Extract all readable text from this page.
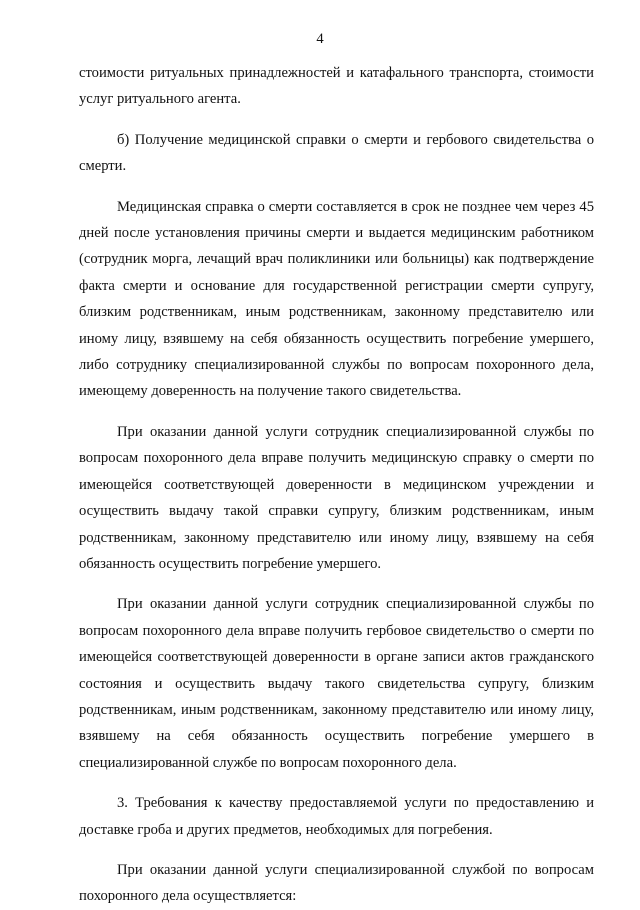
4

стоимости ритуальных принадлежностей и катафального транспорта, стоимости услуг ритуального агента.

б) Получение медицинской справки о смерти и гербового свидетельства о смерти.

Медицинская справка о смерти составляется в срок не позднее чем через 45 дней после установления причины смерти и выдается медицинским работником (сотрудник морга, лечащий врач поликлиники или больницы) как подтверждение факта смерти и основание для государственной регистрации смерти супругу, близким родственникам, иным родственникам, законному представителю или иному лицу, взявшему на себя обязанность осуществить погребение умершего, либо сотруднику специализированной службы по вопросам похоронного дела, имеющему доверенность на получение такого свидетельства.

При оказании данной услуги сотрудник специализированной службы по вопросам похоронного дела вправе получить медицинскую справку о смерти по имеющейся соответствующей доверенности в медицинском учреждении и осуществить выдачу такой справки супругу, близким родственникам, иным родственникам, законному представителю или иному лицу, взявшему на себя обязанность осуществить погребение умершего.

При оказании данной услуги сотрудник специализированной службы по вопросам похоронного дела вправе получить гербовое свидетельство о смерти по имеющейся соответствующей доверенности в органе записи актов гражданского состояния и осуществить выдачу такого свидетельства супругу, близким родственникам, иным родственникам, законному представителю или иному лицу, взявшему на себя обязанность осуществить погребение умершего в специализированной службе по вопросам похоронного дела.

3. Требования к качеству предоставляемой услуги по предоставлению и доставке гроба и других предметов, необходимых для погребения.

При оказании данной услуги специализированной службой по вопросам похоронного дела осуществляется:
